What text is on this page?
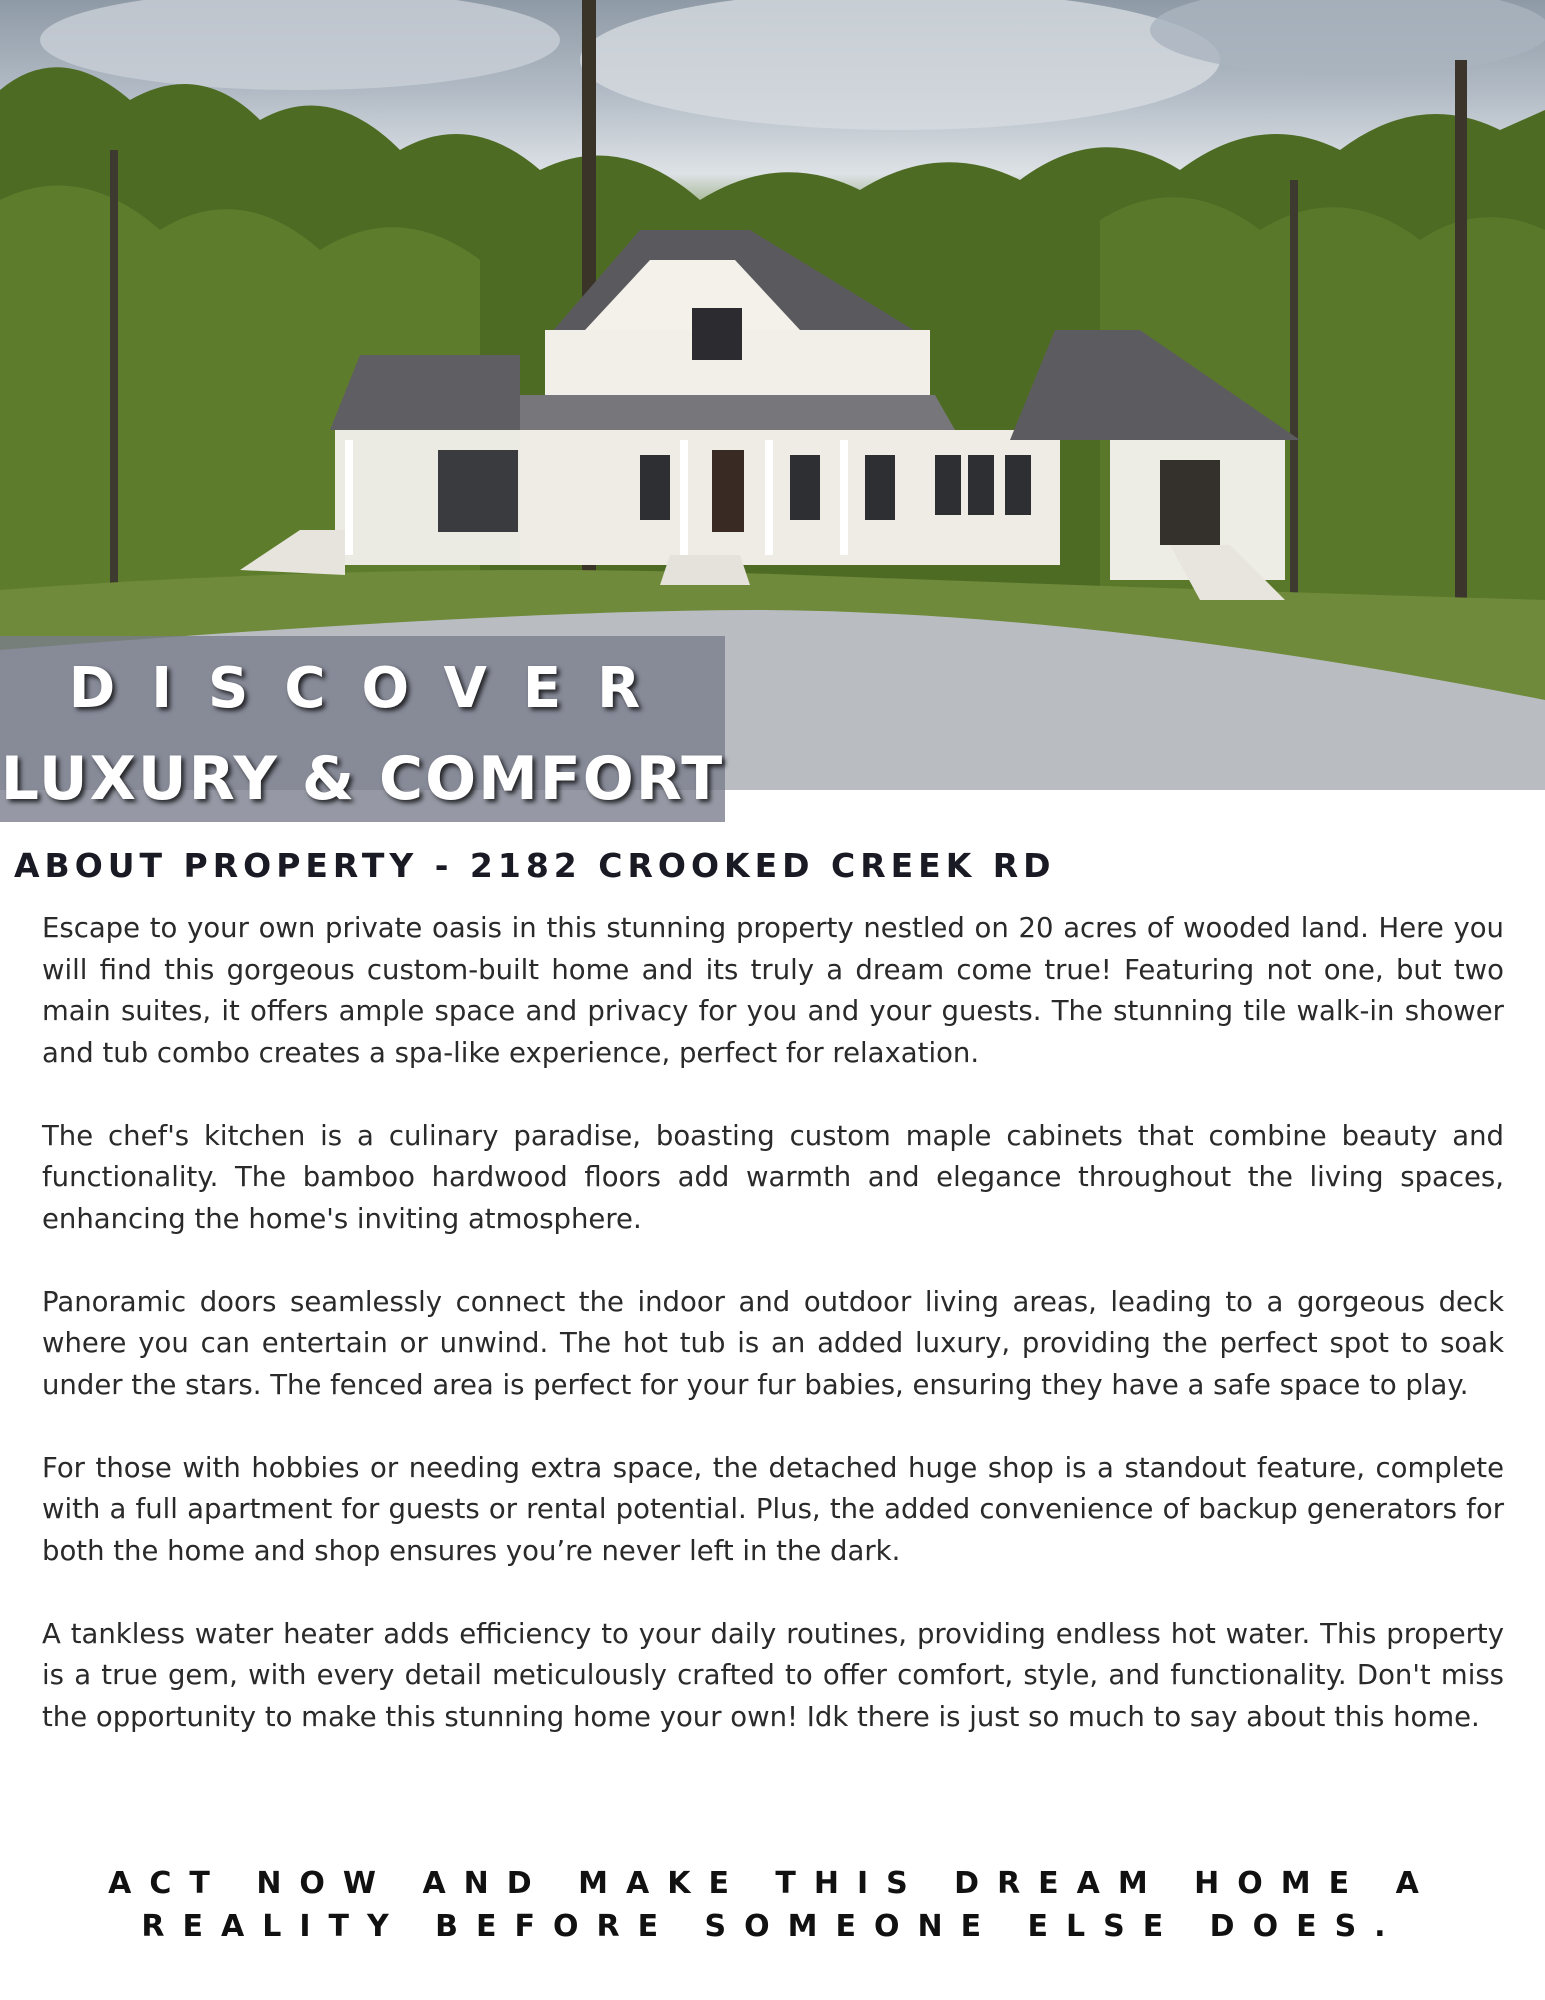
DISCOVER
LUXURY & COMFORT
ABOUT PROPERTY - 2182 CROOKED CREEK RD

Escape to your own private oasis in this stunning property nestled on 20 acres of wooded land. Here you will find this gorgeous custom-built home and its truly a dream come true! Featuring not one, but two main suites, it offers ample space and privacy for you and your guests. The stunning tile walk-in shower and tub combo creates a spa-like experience, perfect for relaxation.

The chef's kitchen is a culinary paradise, boasting custom maple cabinets that combine beauty and functionality. The bamboo hardwood floors add warmth and elegance throughout the living spaces, enhancing the home's inviting atmosphere.

Panoramic doors seamlessly connect the indoor and outdoor living areas, leading to a gorgeous deck where you can entertain or unwind. The hot tub is an added luxury, providing the perfect spot to soak under the stars. The fenced area is perfect for your fur babies, ensuring they have a safe space to play.

For those with hobbies or needing extra space, the detached huge shop is a standout feature, complete with a full apartment for guests or rental potential. Plus, the added convenience of backup generators for both the home and shop ensures you’re never left in the dark.

A tankless water heater adds efficiency to your daily routines, providing endless hot water. This property is a true gem, with every detail meticulously crafted to offer comfort, style, and functionality. Don't miss the opportunity to make this stunning home your own! Idk there is just so much to say about this home.

ACT NOW AND MAKE THIS DREAM HOME A
REALITY BEFORE SOMEONE ELSE DOES.
